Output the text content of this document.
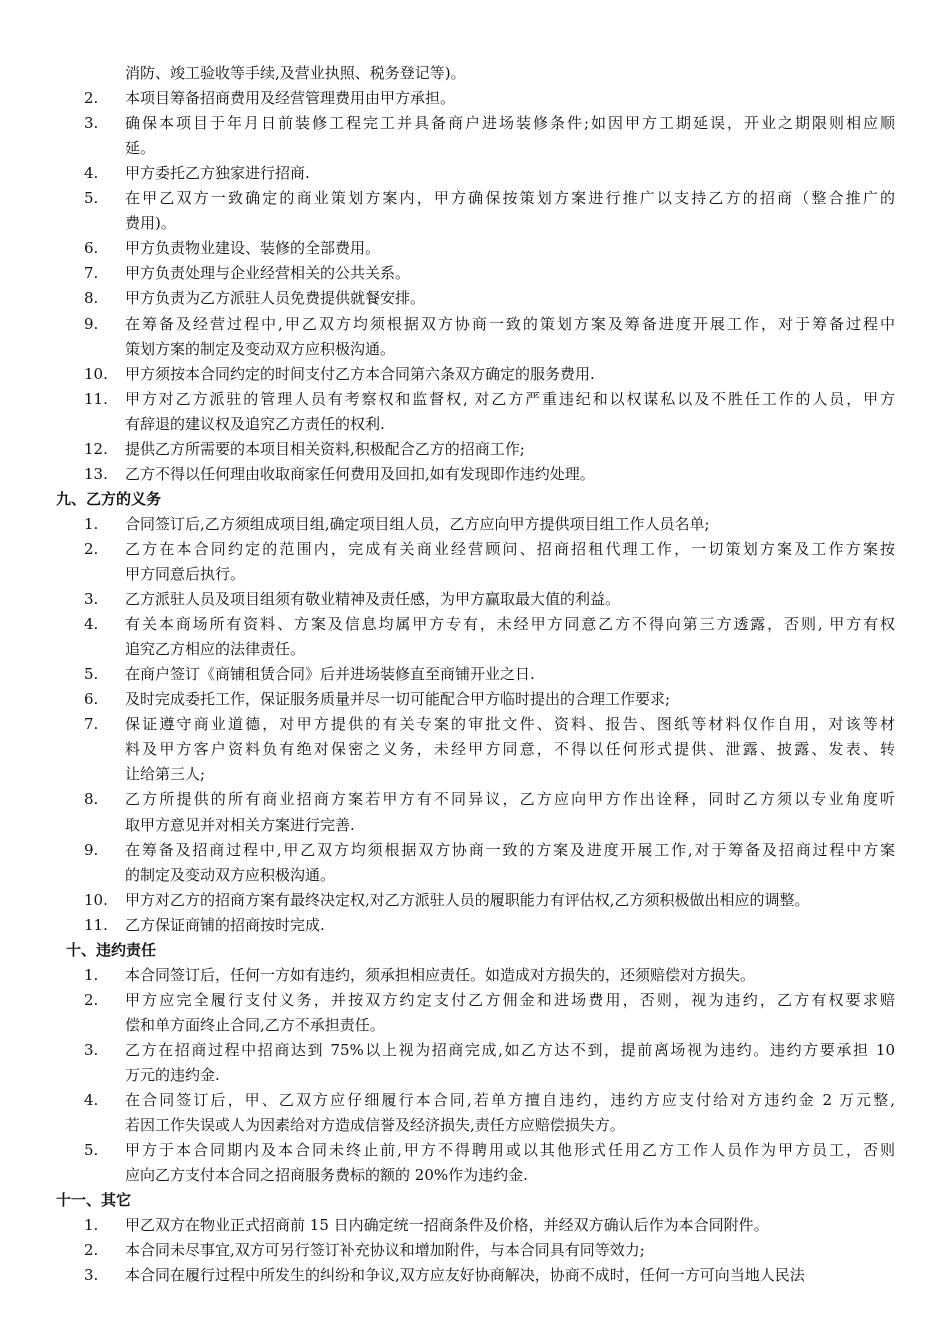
消防、竣工验收等手续,及营业执照、税务登记等)。
2.	本项目筹备招商费用及经营管理费用由甲方承担。
3.	确保本项目于年月日前装修工程完工并具备商户进场装修条件;如因甲方工期延误，开业之期限则相应顺
延。
4.	甲方委托乙方独家进行招商.
5.	在甲乙双方一致确定的商业策划方案内，甲方确保按策划方案进行推广以支持乙方的招商（整合推广的
费用)。
6.	甲方负责物业建设、装修的全部费用。
7.	甲方负责处理与企业经营相关的公共关系。
8.	甲方负责为乙方派驻人员免费提供就餐安排。
9.	在筹备及经营过程中,甲乙双方均须根据双方协商一致的策划方案及筹备进度开展工作，对于筹备过程中
策划方案的制定及变动双方应积极沟通。
10.	甲方须按本合同约定的时间支付乙方本合同第六条双方确定的服务费用.
11.	甲方对乙方派驻的管理人员有考察权和监督权, 对乙方严重违纪和以权谋私以及不胜任工作的人员，甲方
有辞退的建议权及追究乙方责任的权利.
12.	提供乙方所需要的本项目相关资料,积极配合乙方的招商工作;
13.	乙方不得以任何理由收取商家任何费用及回扣,如有发现即作违约处理。
九、乙方的义务
1.	合同签订后,乙方须组成项目组,确定项目组人员，乙方应向甲方提供项目组工作人员名单;
2.	乙方在本合同约定的范围内，完成有关商业经营顾问、招商招租代理工作，一切策划方案及工作方案按
甲方同意后执行。
3.	乙方派驻人员及项目组须有敬业精神及责任感，为甲方赢取最大值的利益。
4.	有关本商场所有资料、方案及信息均属甲方专有，未经甲方同意乙方不得向第三方透露，否则, 甲方有权
追究乙方相应的法律责任。
5.	在商户签订《商铺租赁合同》后并进场装修直至商铺开业之日.
6.	及时完成委托工作，保证服务质量并尽一切可能配合甲方临时提出的合理工作要求;
7.	保证遵守商业道德，对甲方提供的有关专案的审批文件、资料、报告、图纸等材料仅作自用，对该等材
料及甲方客户资料负有绝对保密之义务，未经甲方同意，不得以任何形式提供、泄露、披露、发表、转
让给第三人;
8.	乙方所提供的所有商业招商方案若甲方有不同异议，乙方应向甲方作出诠释，同时乙方须以专业角度听
取甲方意见并对相关方案进行完善.
9.	在筹备及招商过程中,甲乙双方均须根据双方协商一致的方案及进度开展工作,对于筹备及招商过程中方案
的制定及变动双方应积极沟通。
10.	甲方对乙方的招商方案有最终决定权,对乙方派驻人员的履职能力有评估权,乙方须积极做出相应的调整。
11.	乙方保证商铺的招商按时完成.
十、违约责任
1.	本合同签订后，任何一方如有违约，须承担相应责任。如造成对方损失的，还须赔偿对方损失。
2.	甲方应完全履行支付义务，并按双方约定支付乙方佣金和进场费用，否则，视为违约，乙方有权要求赔
偿和单方面终止合同,乙方不承担责任。
3.	乙方在招商过程中招商达到 75%以上视为招商完成,如乙方达不到，提前离场视为违约。违约方要承担 10
万元的违约金.
4.	在合同签订后，甲、乙双方应仔细履行本合同,若单方擅自违约，违约方应支付给对方违约金 2 万元整,
若因工作失误或人为因素给对方造成信誉及经济损失,责任方应赔偿损失方。
5.	甲方于本合同期内及本合同未终止前,甲方不得聘用或以其他形式任用乙方工作人员作为甲方员工，否则
应向乙方支付本合同之招商服务费标的额的 20%作为违约金.
十一、其它
1.	甲乙双方在物业正式招商前 15 日内确定统一招商条件及价格，并经双方确认后作为本合同附件。
2.	本合同未尽事宜,双方可另行签订补充协议和增加附件，与本合同具有同等效力;
3.	本合同在履行过程中所发生的纠纷和争议,双方应友好协商解决，协商不成时，任何一方可向当地人民法
